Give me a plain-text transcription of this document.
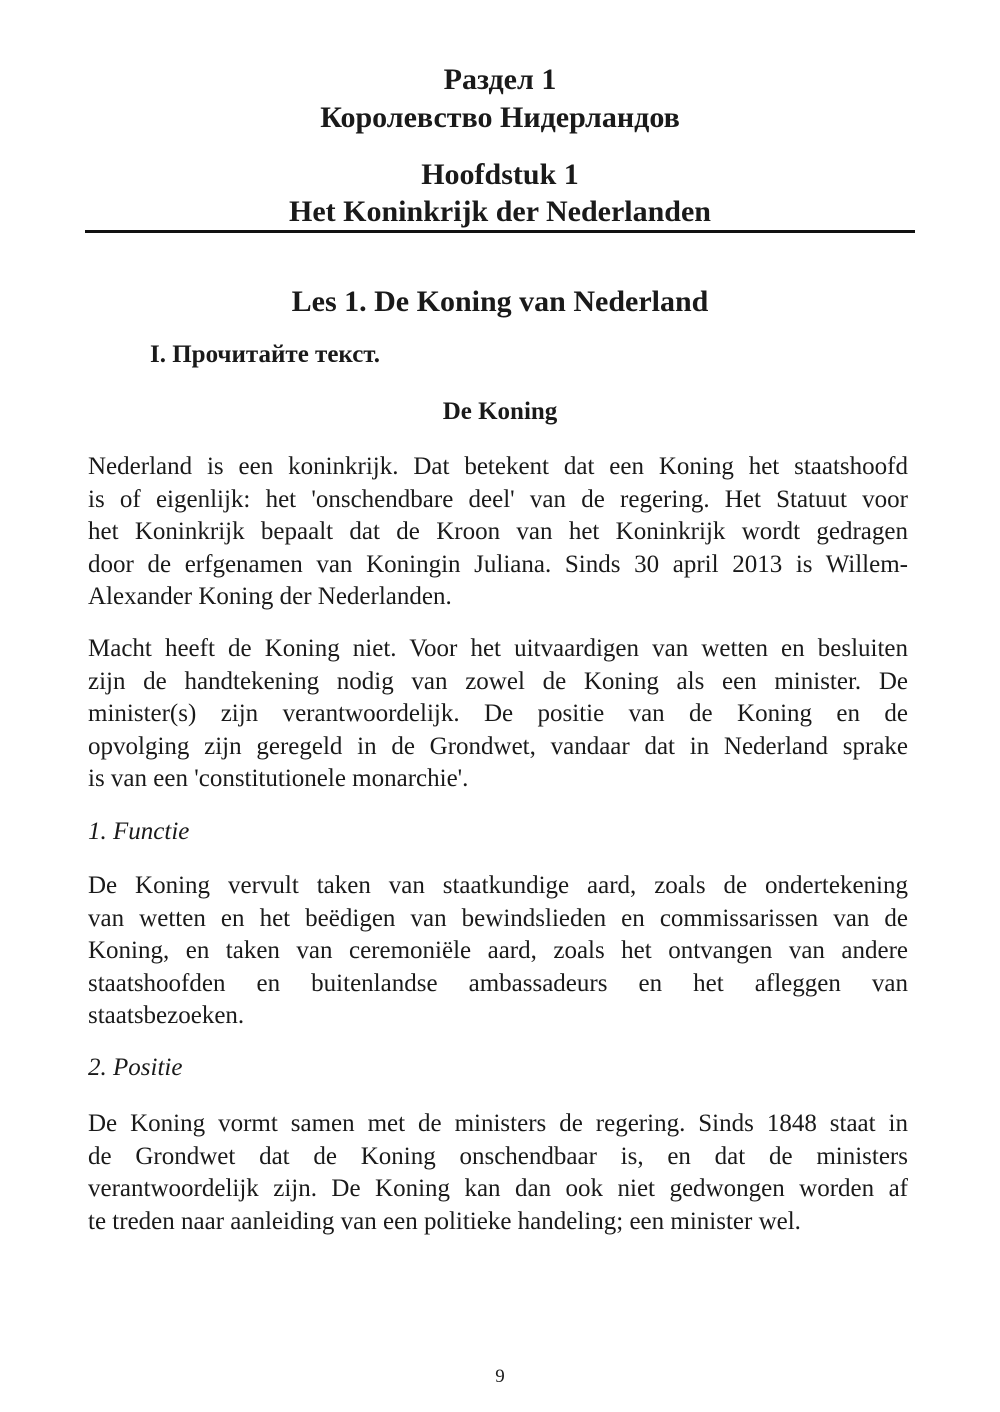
Раздел 1
Королевство Нидерландов
Hoofdstuk 1
Het Koninkrijk der Nederlanden
Les 1. De Koning van Nederland
I. Прочитайте текст.
De Koning
Nederland is een koninkrijk. Dat betekent dat een Koning het staatshoofd
is of eigenlijk: het 'onschendbare deel' van de regering. Het Statuut voor
het Koninkrijk bepaalt dat de Kroon van het Koninkrijk wordt gedragen
door de erfgenamen van Koningin Juliana. Sinds 30 april 2013 is Willem-
Alexander Koning der Nederlanden.
Macht heeft de Koning niet. Voor het uitvaardigen van wetten en besluiten
zijn de handtekening nodig van zowel de Koning als een minister. De
minister(s) zijn verantwoordelijk. De positie van de Koning en de
opvolging zijn geregeld in de Grondwet, vandaar dat in Nederland sprake
is van een 'constitutionele monarchie'.
1. Functie
De Koning vervult taken van staatkundige aard, zoals de ondertekening
van wetten en het beëdigen van bewindslieden en commissarissen van de
Koning, en taken van ceremoniële aard, zoals het ontvangen van andere
staatshoofden en buitenlandse ambassadeurs en het afleggen van
staatsbezoeken.
2. Positie
De Koning vormt samen met de ministers de regering. Sinds 1848 staat in
de Grondwet dat de Koning onschendbaar is, en dat de ministers
verantwoordelijk zijn. De Koning kan dan ook niet gedwongen worden af
te treden naar aanleiding van een politieke handeling; een minister wel.
9
